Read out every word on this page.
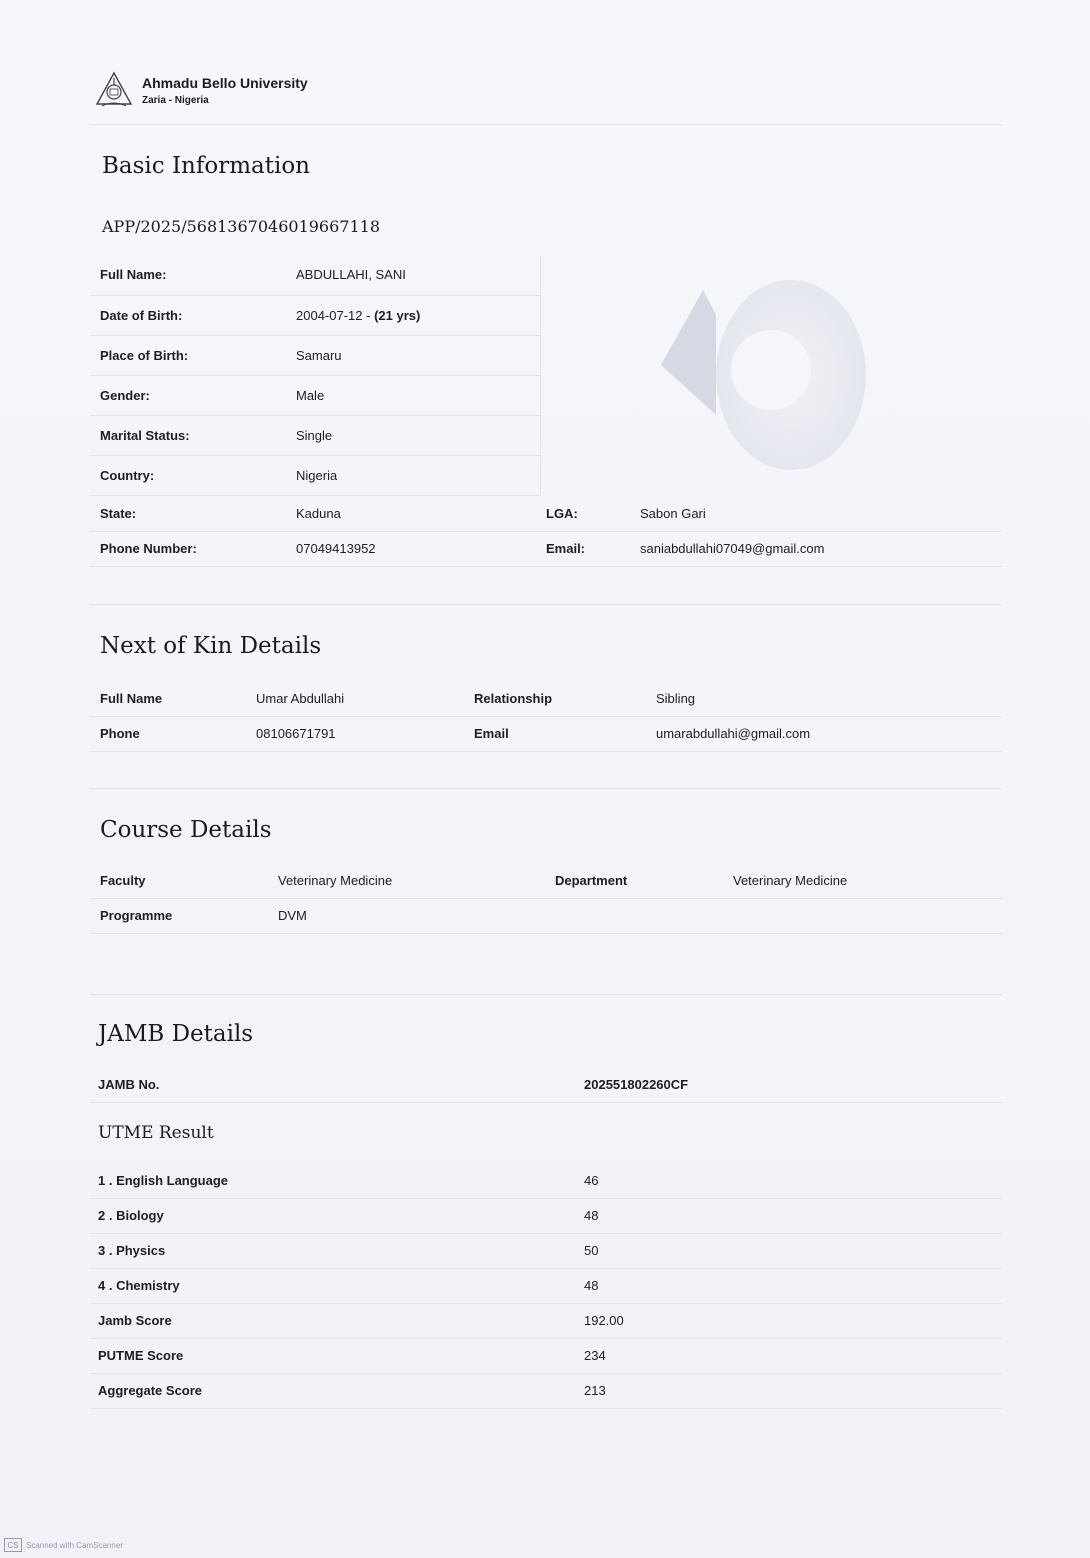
Ahmadu Bello University
Zaria - Nigeria
Basic Information
APP/2025/5681367046019667118
Full Name:	ABDULLAHI, SANI
Date of Birth:	2004-07-12 - (21 yrs)
Place of Birth:	Samaru
Gender:	Male
Marital Status:	Single
Country:	Nigeria
State:	Kaduna	LGA:	Sabon Gari
Phone Number:	07049413952	Email:	saniabdullahi07049@gmail.com
Next of Kin Details
Full Name	Umar Abdullahi	Relationship	Sibling
Phone	08106671791	Email	umarabdullahi@gmail.com
Course Details
Faculty	Veterinary Medicine	Department	Veterinary Medicine
Programme	DVM		
JAMB Details
JAMB No.	202551802260CF
UTME Result
1 . English Language	46
2 . Biology	48
3 . Physics	50
4 . Chemistry	48
Jamb Score	192.00
PUTME Score	234
Aggregate Score	213
CS Scanned with CamScanner
